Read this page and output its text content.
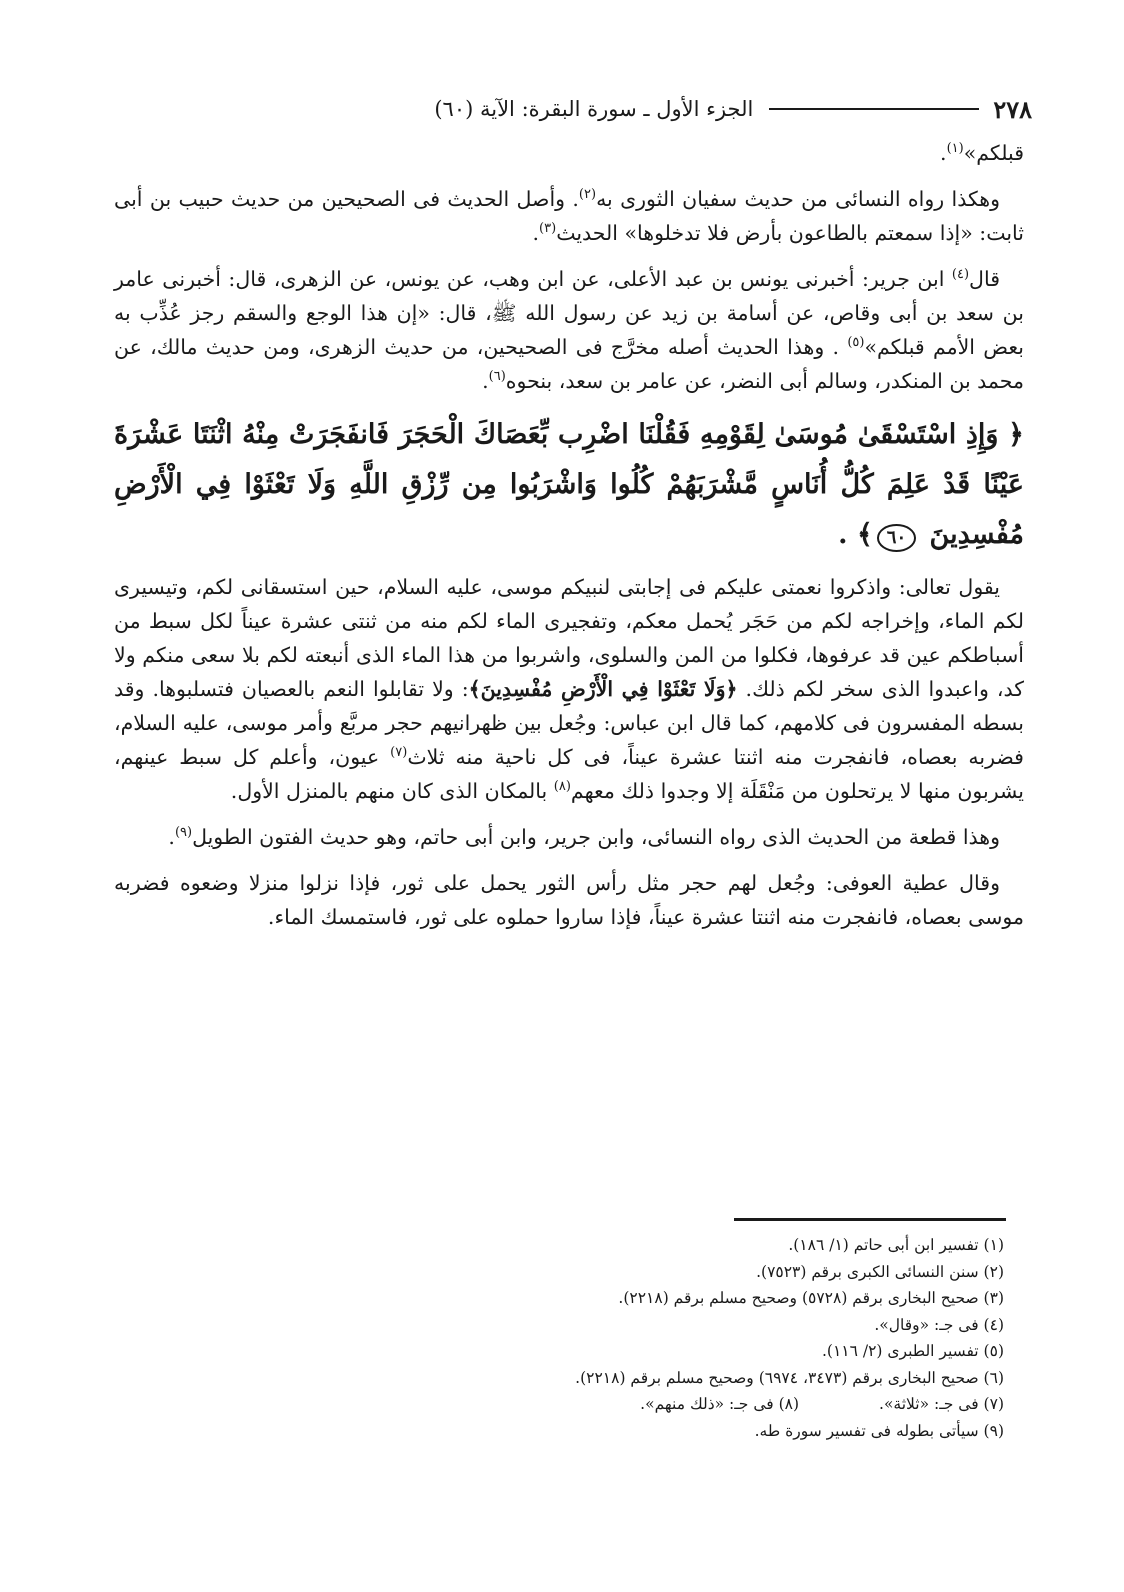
٢٧٨
الجزء الأول ـ سورة البقرة: الآية (٦٠)

قبلكم»$^{(١)}$.

وهكذا رواه النسائى من حديث سفيان الثورى به$^{(٢)}$. وأصل الحديث فى الصحيحين من حديث حبيب بن أبى ثابت: «إذا سمعتم بالطاعون بأرض فلا تدخلوها» الحديث$^{(٣)}$.

قال$^{(٤)}$ ابن جرير: أخبرنى يونس بن عبد الأعلى، عن ابن وهب، عن يونس، عن الزهرى، قال: أخبرنى عامر بن سعد بن أبى وقاص، عن أسامة بن زيد عن رسول الله ﷺ، قال: «إن هذا الوجع والسقم رجز عُذِّب به بعض الأمم قبلكم»$^{(٥)}$ . وهذا الحديث أصله مخرَّج فى الصحيحين، من حديث الزهرى، ومن حديث مالك، عن محمد بن المنكدر، وسالم أبى النضر، عن عامر بن سعد، بنحوه$^{(٦)}$.

﴿ وَإِذِ اسْتَسْقَىٰ مُوسَىٰ لِقَوْمِهِ فَقُلْنَا اضْرِب بِّعَصَاكَ الْحَجَرَ فَانفَجَرَتْ مِنْهُ اثْنَتَا عَشْرَةَ عَيْنًا قَدْ عَلِمَ كُلُّ أُنَاسٍ مَّشْرَبَهُمْ كُلُوا وَاشْرَبُوا مِن رِّزْقِ اللَّهِ وَلَا تَعْثَوْا فِي الْأَرْضِ مُفْسِدِينَ ٦٠﴾ .

يقول تعالى: واذكروا نعمتى عليكم فى إجابتى لنبيكم موسى، عليه السلام، حين استسقانى لكم، وتيسيرى لكم الماء، وإخراجه لكم من حَجَر يُحمل معكم، وتفجيرى الماء لكم منه من ثنتى عشرة عيناً لكل سبط من أسباطكم عين قد عرفوها، فكلوا من المن والسلوى، واشربوا من هذا الماء الذى أنبعته لكم بلا سعى منكم ولا كد، واعبدوا الذى سخر لكم ذلك. ﴿وَلَا تَعْثَوْا فِي الْأَرْضِ مُفْسِدِينَ﴾: ولا تقابلوا النعم بالعصيان فتسلبوها. وقد بسطه المفسرون فى كلامهم، كما قال ابن عباس: وجُعل بين ظهرانيهم حجر مربَّع وأمر موسى، عليه السلام، فضربه بعصاه، فانفجرت منه اثنتا عشرة عيناً، فى كل ناحية منه ثلاث$^{(٧)}$ عيون، وأعلم كل سبط عينهم، يشربون منها لا يرتحلون من مَنْقَلَة إلا وجدوا ذلك معهم$^{(٨)}$ بالمكان الذى كان منهم بالمنزل الأول.

وهذا قطعة من الحديث الذى رواه النسائى، وابن جرير، وابن أبى حاتم، وهو حديث الفتون الطويل$^{(٩)}$.

وقال عطية العوفى: وجُعل لهم حجر مثل رأس الثور يحمل على ثور، فإذا نزلوا منزلا وضعوه فضربه موسى بعصاه، فانفجرت منه اثنتا عشرة عيناً، فإذا ساروا حملوه على ثور، فاستمسك الماء.

(١) تفسير ابن أبى حاتم (١/ ١٨٦).

(٢) سنن النسائى الكبرى برقم (٧٥٢٣).

(٣) صحيح البخارى برقم (٥٧٢٨) وصحيح مسلم برقم (٢٢١٨).

(٤) فى جـ: «وقال».

(٥) تفسير الطبرى (٢/ ١١٦).

(٦) صحيح البخارى برقم (٣٤٧٣، ٦٩٧٤) وصحيح مسلم برقم (٢٢١٨).

(٧) فى جـ: «ثلاثة».

(٨) فى جـ: «ذلك منهم».

(٩) سيأتى بطوله فى تفسير سورة طه.
